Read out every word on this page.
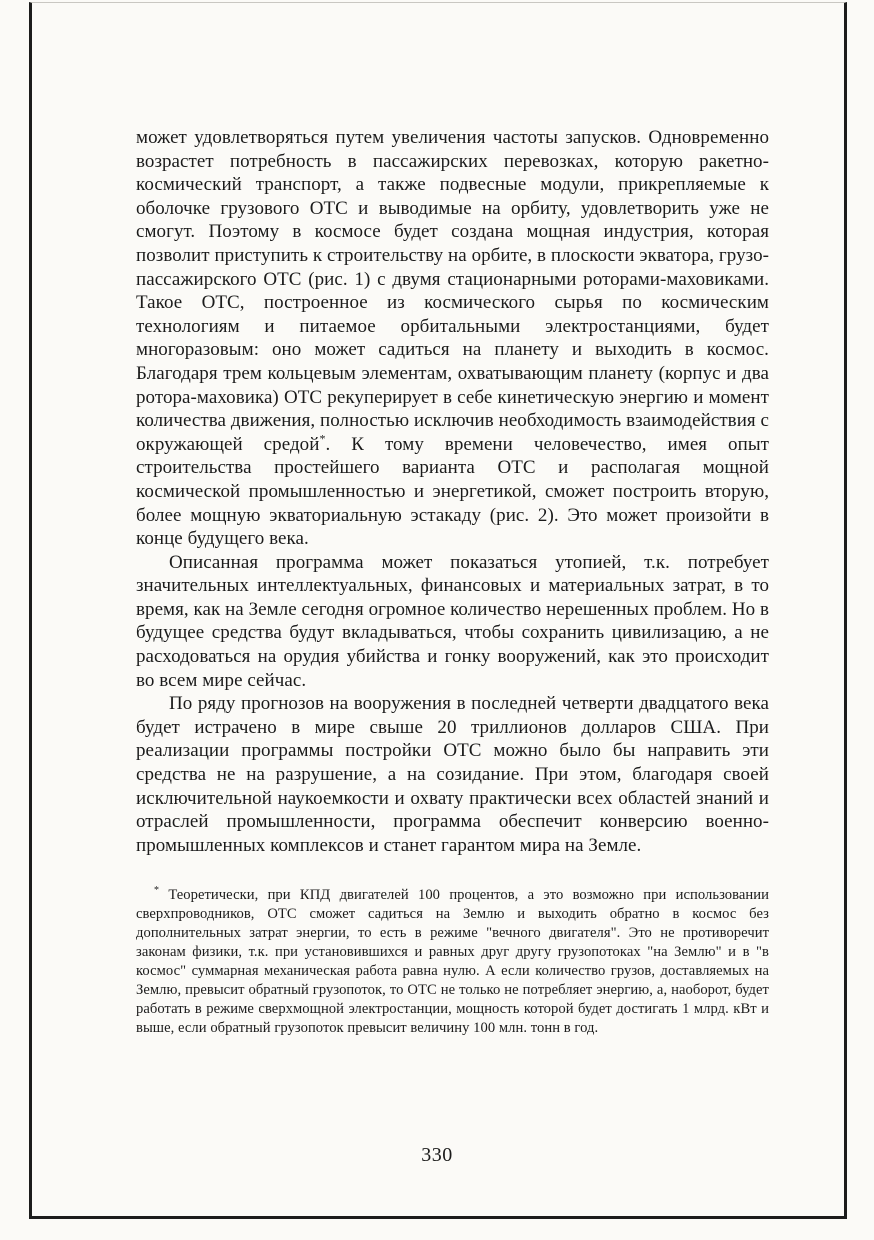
может удовлетворяться путем увеличения частоты запусков. Одновременно возрастет потребность в пассажирских перевозках, которую ракетно-космический транспорт, а также подвесные модули, прикрепляемые к оболочке грузового ОТС и выводимые на орбиту, удовлетворить уже не смогут. Поэтому в космосе будет создана мощная индустрия, которая позволит приступить к строительству на орбите, в плоскости экватора, грузо-пассажирского ОТС (рис. 1) с двумя стационарными роторами-маховиками. Такое ОТС, построенное из космического сырья по космическим технологиям и питаемое орбитальными электростанциями, будет многоразовым: оно может садиться на планету и выходить в космос. Благодаря трем кольцевым элементам, охватывающим планету (корпус и два ротора-маховика) ОТС рекуперирует в себе кинетическую энергию и момент количества движения, полностью исключив необходимость взаимодействия с окружающей средой*. К тому времени человечество, имея опыт строительства простейшего варианта ОТС и располагая мощной космической промышленностью и энергетикой, сможет построить вторую, более мощную экваториальную эстакаду (рис. 2). Это может произойти в конце будущего века.

Описанная программа может показаться утопией, т.к. потребует значительных интеллектуальных, финансовых и материальных затрат, в то время, как на Земле сегодня огромное количество нерешенных проблем. Но в будущее средства будут вкладываться, чтобы сохранить цивилизацию, а не расходоваться на орудия убийства и гонку вооружений, как это происходит во всем мире сейчас.

По ряду прогнозов на вооружения в последней четверти двадцатого века будет истрачено в мире свыше 20 триллионов долларов США. При реализации программы постройки ОТС можно было бы направить эти средства не на разрушение, а на созидание. При этом, благодаря своей исключительной наукоемкости и охвату практически всех областей знаний и отраслей промышленности, программа обеспечит конверсию военно-промышленных комплексов и станет гарантом мира на Земле.

* Теоретически, при КПД двигателей 100 процентов, а это возможно при использовании сверхпроводников, ОТС сможет садиться на Землю и выходить обратно в космос без дополнительных затрат энергии, то есть в режиме "вечного двигателя". Это не противоречит законам физики, т.к. при установившихся и равных друг другу грузопотоках "на Землю" и в "в космос" суммарная механическая работа равна нулю. А если количество грузов, доставляемых на Землю, превысит обратный грузопоток, то ОТС не только не потребляет энергию, а, наоборот, будет работать в режиме сверхмощной электростанции, мощность которой будет достигать 1 млрд. кВт и выше, если обратный грузопоток превысит величину 100 млн. тонн в год.

330
